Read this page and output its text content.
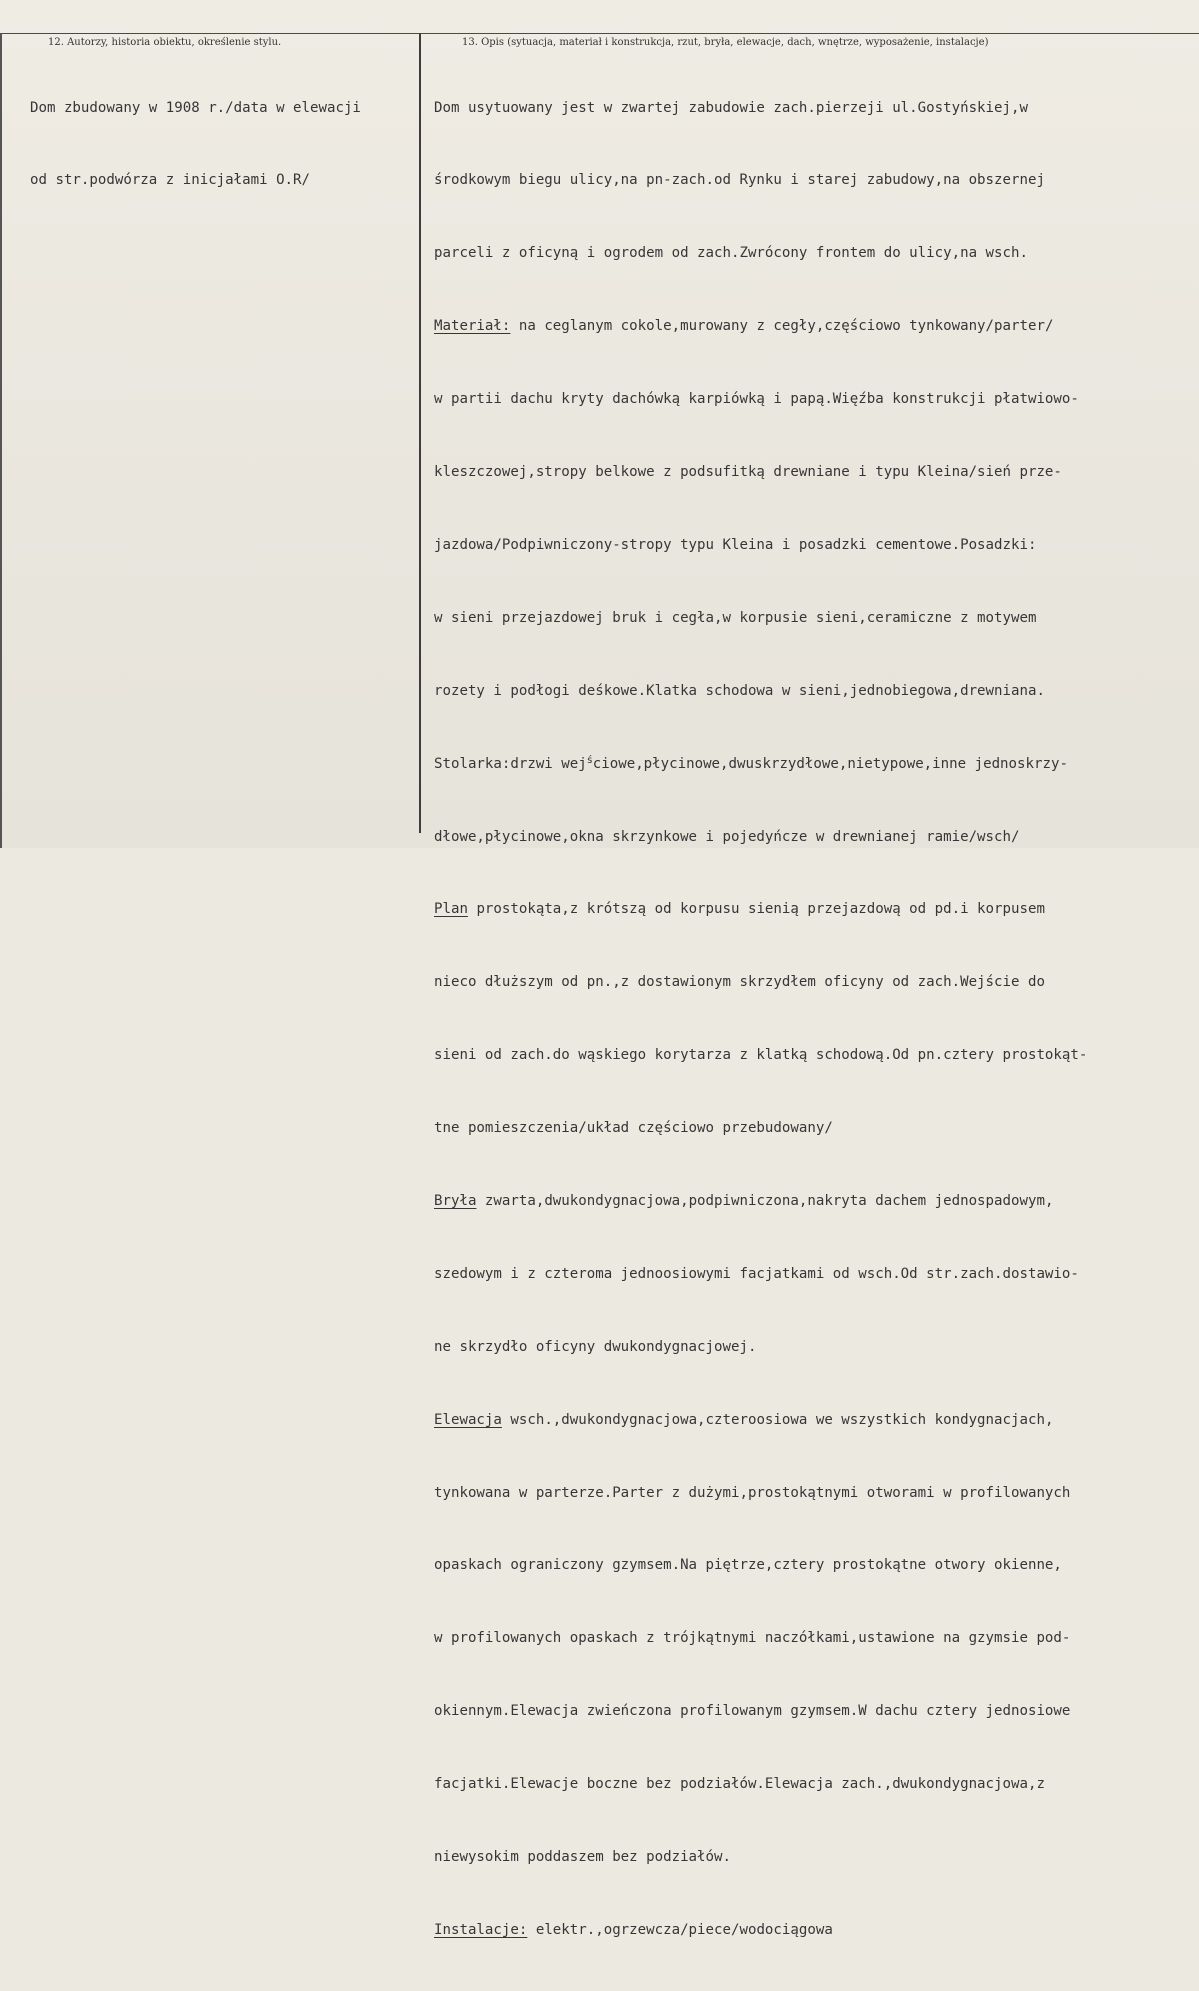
12. Autorzy, historia obiektu, określenie stylu.	13. Opis (sytuacja, materiał i konstrukcja, rzut, bryła, elewacje, dach, wnętrze, wyposażenie, instalacje)

Dom zbudowany w 1908 r./data w elewacji

od str.podwórza z inicjałami O.R/

Dom usytuowany jest w zwartej zabudowie zach.pierzeji ul.Gostyńskiej,w

środkowym biegu ulicy,na pn-zach.od Rynku i starej zabudowy,na obszernej

parceli z oficyną i ogrodem od zach.Zwrócony frontem do ulicy,na wsch.

Materiał: na ceglanym cokole,murowany z cegły,częściowo tynkowany/parter/

w partii dachu kryty dachówką karpiówką i papą.Więźba konstrukcji płatwiowo-

kleszczowej,stropy belkowe z podsufitką drewniane i typu Kleina/sień prze-

jazdowa/Podpiwniczony-stropy typu Kleina i posadzki cementowe.Posadzki:

w sieni przejazdowej bruk i cegła,w korpusie sieni,ceramiczne z motywem

rozety i podłogi deśkowe.Klatka schodowa w sieni,jednobiegowa,drewniana.

Stolarka:drzwi wej$^ś$ciowe,płycinowe,dwuskrzydłowe,nietypowe,inne jednoskrzy-

dłowe,płycinowe,okna skrzynkowe i pojedyńcze w drewnianej ramie/wsch/

Plan prostokąta,z krótszą od korpusu sienią przejazdową od pd.i korpusem

nieco dłuższym od pn.,z dostawionym skrzydłem oficyny od zach.Wejście do

sieni od zach.do wąskiego korytarza z klatką schodową.Od pn.cztery prostokąt-

tne pomieszczenia/układ częściowo przebudowany/

Bryła zwarta,dwukondygnacjowa,podpiwniczona,nakryta dachem jednospadowym,

szedowym i z czteroma jednoosiowymi facjatkami od wsch.Od str.zach.dostawio-

ne skrzydło oficyny dwukondygnacjowej.

Elewacja wsch.,dwukondygnacjowa,czteroosiowa we wszystkich kondygnacjach,

tynkowana w parterze.Parter z dużymi,prostokątnymi otworami w profilowanych

opaskach ograniczony gzymsem.Na piętrze,cztery prostokątne otwory okienne,

w profilowanych opaskach z trójkątnymi naczółkami,ustawione na gzymsie pod-

okiennym.Elewacja zwieńczona profilowanym gzymsem.W dachu cztery jednosiowe

facjatki.Elewacje boczne bez podziałów.Elewacja zach.,dwukondygnacjowa,z

niewysokim poddaszem bez podziałów.

Instalacje: elektr.,ogrzewcza/piece/wodociągowa
